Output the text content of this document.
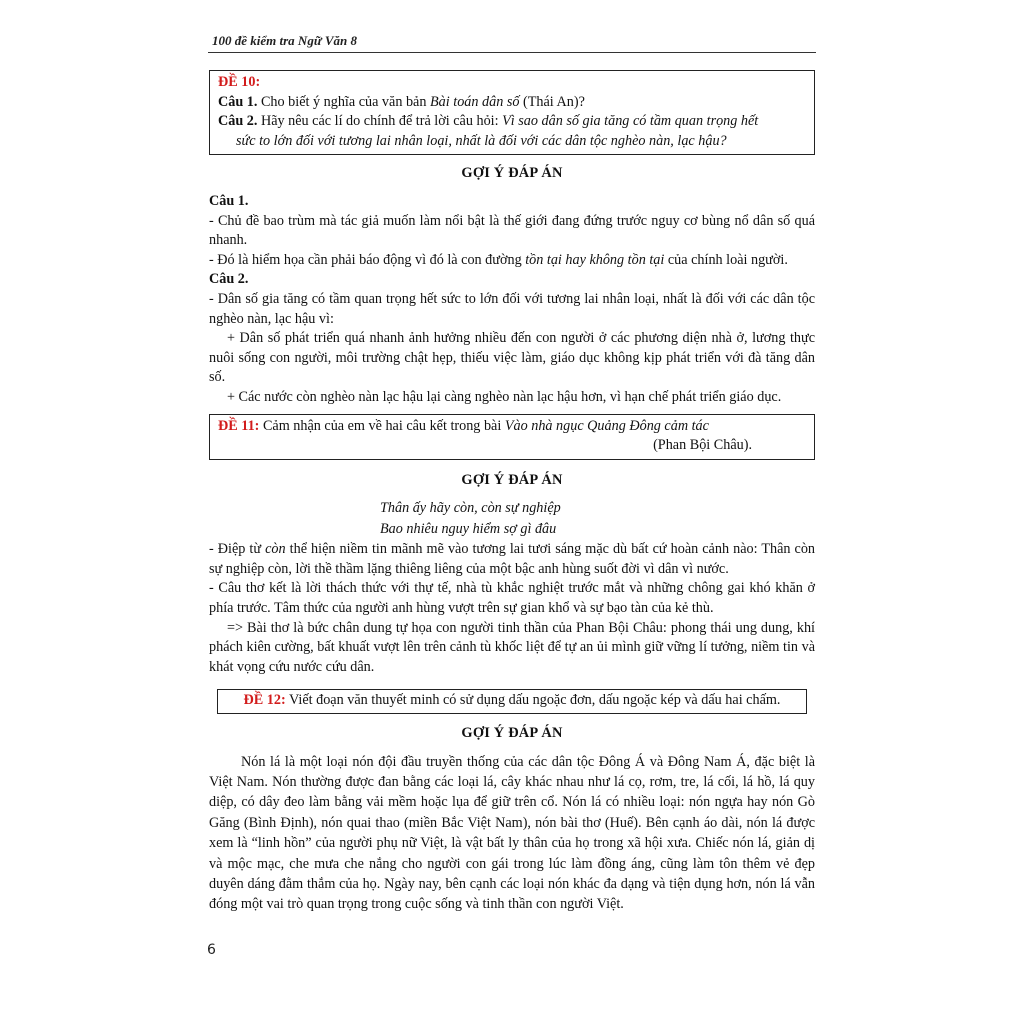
100 đề kiểm tra Ngữ Văn 8

ĐỀ 10:

Câu 1. Cho biết ý nghĩa của văn bản Bài toán dân số (Thái An)?

Câu 2. Hãy nêu các lí do chính để trả lời câu hỏi: Vì sao dân số gia tăng có tầm quan trọng hết

sức to lớn đối với tương lai nhân loại, nhất là đối với các dân tộc nghèo nàn, lạc hậu?

GỢI Ý ĐÁP ÁN

Câu 1.

- Chủ đề bao trùm mà tác giả muốn làm nổi bật là thế giới đang đứng trước nguy cơ bùng nổ dân số quá nhanh.

- Đó là hiểm họa cần phải báo động vì đó là con đường tồn tại hay không tồn tại của chính loài người.

Câu 2.

- Dân số gia tăng có tầm quan trọng hết sức to lớn đối với tương lai nhân loại, nhất là đối với các dân tộc nghèo nàn, lạc hậu vì:

+ Dân số phát triển quá nhanh ảnh hưởng nhiều đến con người ở các phương diện nhà ở, lương thực nuôi sống con người, môi trường chật hẹp, thiếu việc làm, giáo dục không kịp phát triển với đà tăng dân số.

+ Các nước còn nghèo nàn lạc hậu lại càng nghèo nàn lạc hậu hơn, vì hạn chế phát triển giáo dục.

ĐỀ 11: Cảm nhận của em về hai câu kết trong bài Vào nhà ngục Quảng Đông cảm tác

(Phan Bội Châu).

GỢI Ý ĐÁP ÁN

Thân ấy hãy còn, còn sự nghiệp

Bao nhiêu nguy hiểm sợ gì đâu

- Điệp từ còn thể hiện niềm tin mãnh mẽ vào tương lai tươi sáng mặc dù bất cứ hoàn cảnh nào: Thân còn sự nghiệp còn, lời thề thầm lặng thiêng liêng của một bậc anh hùng suốt đời vì dân vì nước.

- Câu thơ kết là lời thách thức với thự tế, nhà tù khắc nghiệt trước mắt và những chông gai khó khăn ở phía trước. Tâm thức của người anh hùng vượt trên sự gian khổ và sự bạo tàn của kẻ thù.

=> Bài thơ là bức chân dung tự họa con người tinh thần của Phan Bội Châu: phong thái ung dung, khí phách kiên cường, bất khuất vượt lên trên cảnh tù khốc liệt để tự an ủi mình giữ vững lí tưởng, niềm tin và khát vọng cứu nước cứu dân.

ĐỀ 12: Viết đoạn văn thuyết minh có sử dụng dấu ngoặc đơn, dấu ngoặc kép và dấu hai chấm.

GỢI Ý ĐÁP ÁN

Nón lá là một loại nón đội đầu truyền thống của các dân tộc Đông Á và Đông Nam Á, đặc biệt là Việt Nam. Nón thường được đan bằng các loại lá, cây khác nhau như lá cọ, rơm, tre, lá cối, lá hồ, lá quy diệp, có dây đeo làm bằng vải mềm hoặc lụa để giữ trên cổ. Nón lá có nhiều loại: nón ngựa hay nón Gò Găng (Bình Định), nón quai thao (miền Bắc Việt Nam), nón bài thơ (Huế). Bên cạnh áo dài, nón lá được xem là “linh hồn” của người phụ nữ Việt, là vật bất ly thân của họ trong xã hội xưa. Chiếc nón lá, giản dị và mộc mạc, che mưa che nắng cho người con gái trong lúc làm đồng áng, cũng làm tôn thêm vẻ đẹp duyên dáng đằm thắm của họ. Ngày nay, bên cạnh các loại nón khác đa dạng và tiện dụng hơn, nón lá vẫn đóng một vai trò quan trọng trong cuộc sống và tinh thần con người Việt.

6
